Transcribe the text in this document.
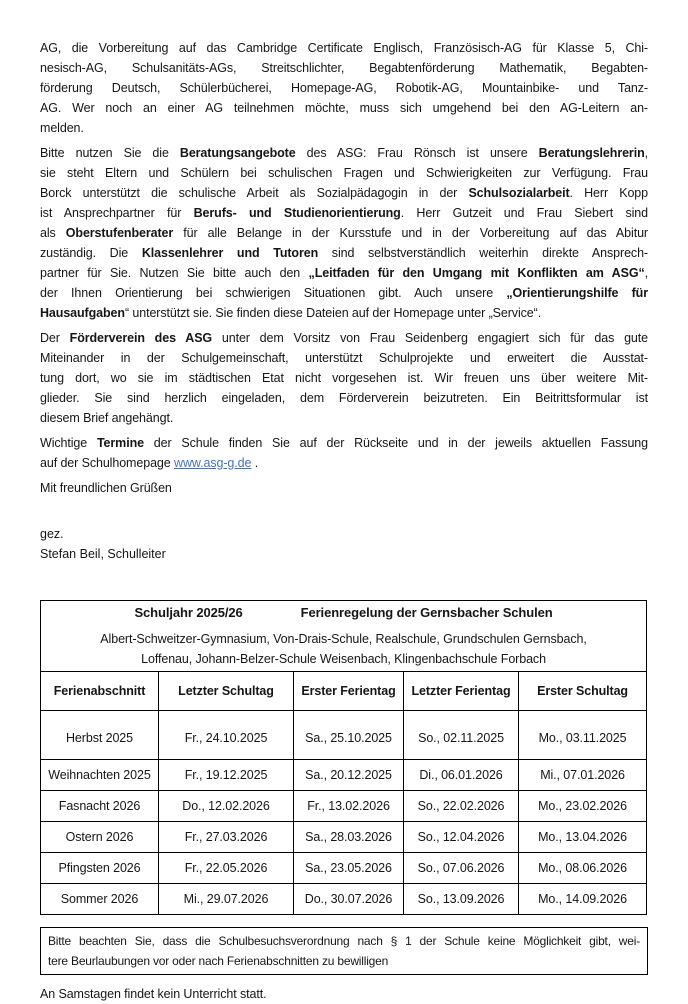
AG, die Vorbereitung auf das Cambridge Certificate Englisch, Französisch-AG für Klasse 5, Chi-
nesisch-AG, Schulsanitäts-AGs, Streitschlichter, Begabtenförderung Mathematik, Begabten-
förderung Deutsch, Schülerbücherei, Homepage-AG, Robotik-AG, Mountainbike- und Tanz-
AG. Wer noch an einer AG teilnehmen möchte, muss sich umgehend bei den AG-Leitern an-
melden.
Bitte nutzen Sie die Beratungsangebote des ASG: Frau Rönsch ist unsere Beratungslehrerin,
sie steht Eltern und Schülern bei schulischen Fragen und Schwierigkeiten zur Verfügung. Frau
Borck unterstützt die schulische Arbeit als Sozialpädagogin in der Schulsozialarbeit. Herr Kopp
ist Ansprechpartner für Berufs- und Studienorientierung. Herr Gutzeit und Frau Siebert sind
als Oberstufenberater für alle Belange in der Kursstufe und in der Vorbereitung auf das Abitur
zuständig. Die Klassenlehrer und Tutoren sind selbstverständlich weiterhin direkte Ansprech-
partner für Sie. Nutzen Sie bitte auch den „Leitfaden für den Umgang mit Konflikten am ASG“,
der Ihnen Orientierung bei schwierigen Situationen gibt. Auch unsere „Orientierungshilfe für
Hausaufgaben“ unterstützt sie. Sie finden diese Dateien auf der Homepage unter „Service“.
Der Förderverein des ASG unter dem Vorsitz von Frau Seidenberg engagiert sich für das gute
Miteinander in der Schulgemeinschaft, unterstützt Schulprojekte und erweitert die Ausstat-
tung dort, wo sie im städtischen Etat nicht vorgesehen ist. Wir freuen uns über weitere Mit-
glieder. Sie sind herzlich eingeladen, dem Förderverein beizutreten. Ein Beitrittsformular ist
diesem Brief angehängt.
Wichtige Termine der Schule finden Sie auf der Rückseite und in der jeweils aktuellen Fassung
auf der Schulhomepage www.asg-g.de .
Mit freundlichen Grüßen
gez.
Stefan Beil, Schulleiter
Schuljahr 2025/26 Ferienregelung der Gernsbacher Schulen
Albert-Schweitzer-Gymnasium, Von-Drais-Schule, Realschule, Grundschulen Gernsbach,
Loffenau, Johann-Belzer-Schule Weisenbach, Klingenbachschule Forbach				

Ferienabschnitt	Letzter Schultag	Erster Ferientag	Letzter Ferientag	Erster Schultag
Herbst 2025	Fr., 24.10.2025	Sa., 25.10.2025	So., 02.11.2025	Mo., 03.11.2025
Weihnachten 2025	Fr., 19.12.2025	Sa., 20.12.2025	Di., 06.01.2026	Mi., 07.01.2026
Fasnacht 2026	Do., 12.02.2026	Fr., 13.02.2026	So., 22.02.2026	Mo., 23.02.2026
Ostern 2026	Fr., 27.03.2026	Sa., 28.03.2026	So., 12.04.2026	Mo., 13.04.2026
Pfingsten 2026	Fr., 22.05.2026	Sa., 23.05.2026	So., 07.06.2026	Mo., 08.06.2026
Sommer 2026	Mi., 29.07.2026	Do., 30.07.2026	So., 13.09.2026	Mo., 14.09.2026
Bitte beachten Sie, dass die Schulbesuchsverordnung nach § 1 der Schule keine Möglichkeit gibt, wei-
tere Beurlaubungen vor oder nach Ferienabschnitten zu bewilligen
An Samstagen findet kein Unterricht statt.
